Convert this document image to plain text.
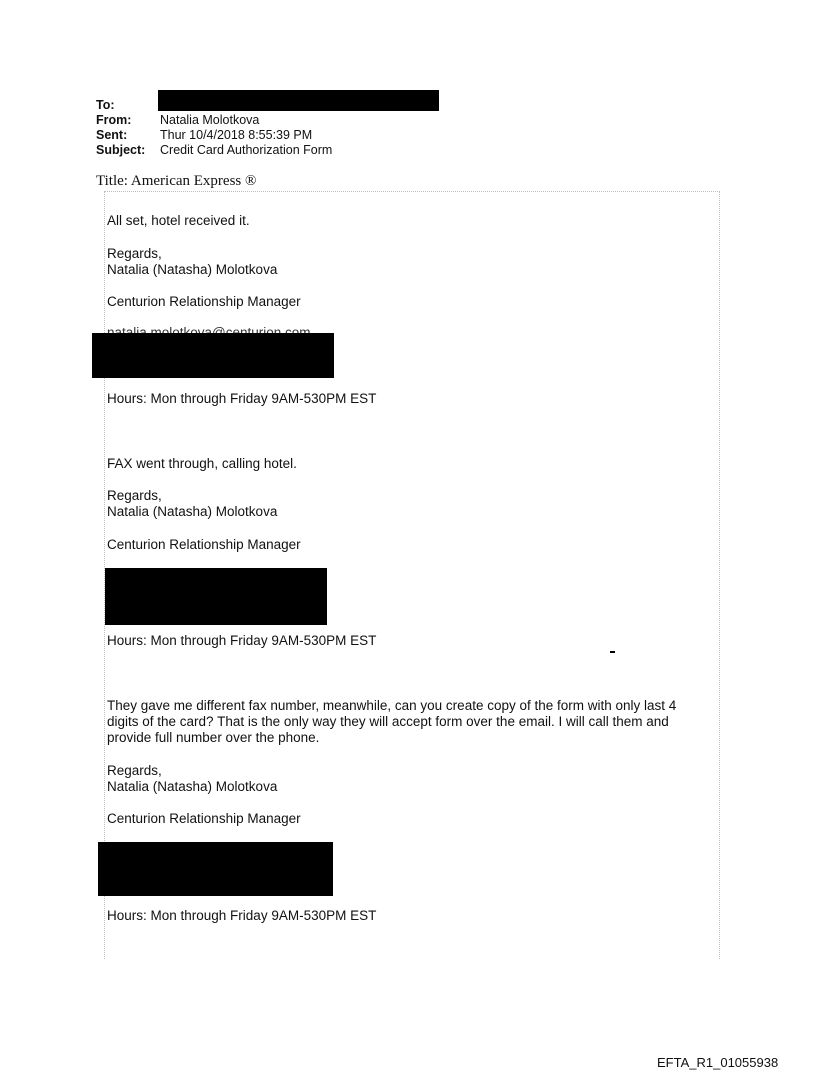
To:
From: Natalia Molotkova
Sent:	Thur 10/4/2018 8:55:39 PM
Subject: Credit Card Authorization Form
Title: American Express ®
All set, hotel received it.
Regards,
Natalia (Natasha) Molotkova
Centurion Relationship Manager
Hours: Mon through Friday 9AM-530PM EST
FAX went through, calling hotel.
Regards,
Natalia (Natasha) Molotkova
Centurion Relationship Manager
Hours: Mon through Friday 9AM-530PM EST
They gave me different fax number, meanwhile, can you create copy of the form with only last 4 digits of the card? That is the only way they will accept form over the email. I will call them and provide full number over the phone.
Regards,
Natalia (Natasha) Molotkova
Centurion Relationship Manager
Hours: Mon through Friday 9AM-530PM EST
EFTA_R1_01055938
